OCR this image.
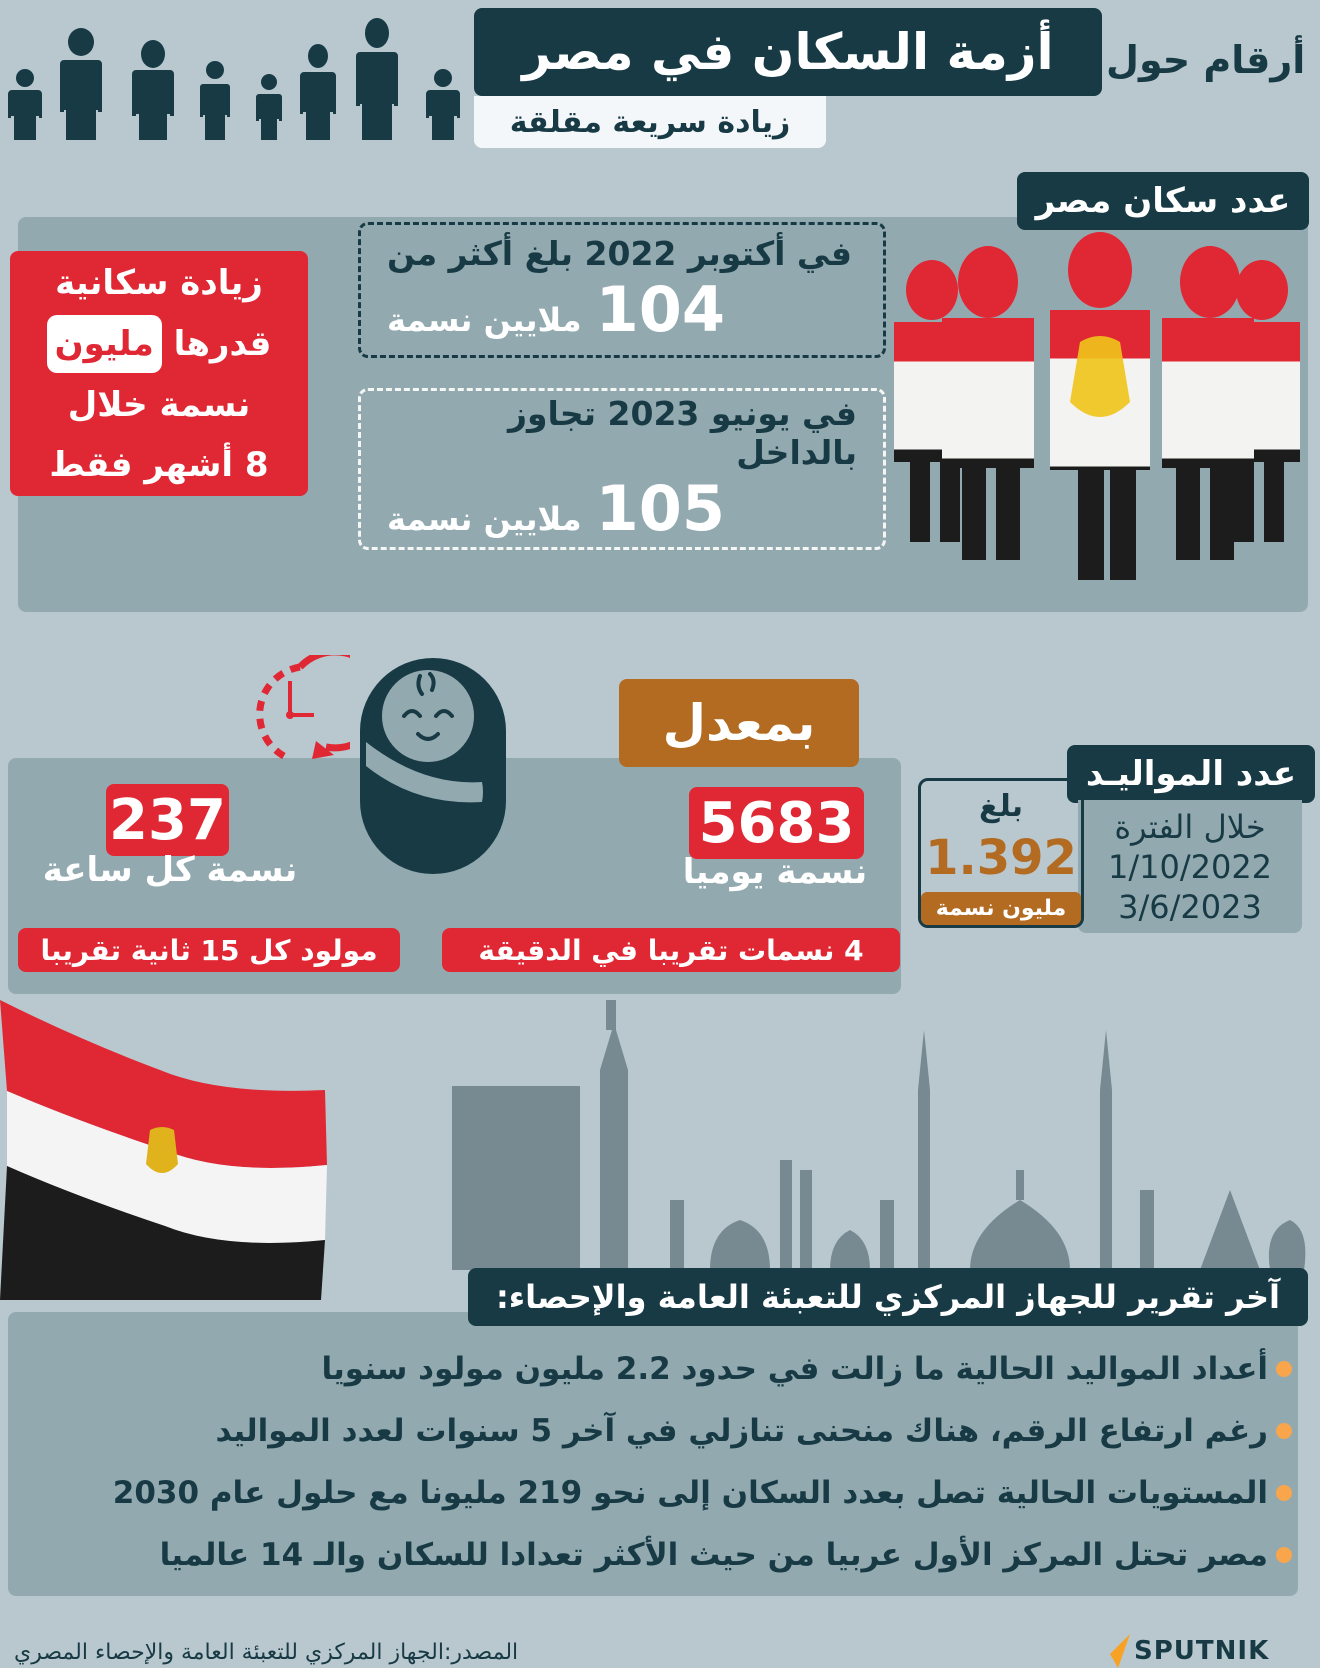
أزمة السكان في مصر	أرقام حول
زيادة سريعة مقلقة
عدد سكان مصر
زيادة سكانية
قدرها مليون
نسمة خلال
8 أشهر فقط
في أكتوبر 2022 بلغ أكثر من
104
ملايين نسمة
في يونيو 2023 تجاوز بالداخل
105
ملايين نسمة
بمعدل
5683
نسمة يوميا
4 نسمات تقريبا في الدقيقة
237
نسمة كل ساعة
مولود كل 15 ثانية تقريبا
عدد المواليـد
خلال الفترة
1/10/2022
3/6/2023
بلغ
1.392
مليون نسمة
آخر تقرير للجهاز المركزي للتعبئة العامة والإحصاء:
أعداد المواليد الحالية ما زالت في حدود 2.2 مليون مولود سنويا
رغم ارتفاع الرقم، هناك منحنى تنازلي في آخر 5 سنوات لعدد المواليد
المستويات الحالية تصل بعدد السكان إلى نحو 219 مليونا مع حلول عام 2030
مصر تحتل المركز الأول عربيا من حيث الأكثر تعدادا للسكان والـ 14 عالميا
المصدر:الجهاز المركزي للتعبئة العامة والإحصاء المصري	SPUTNIK
